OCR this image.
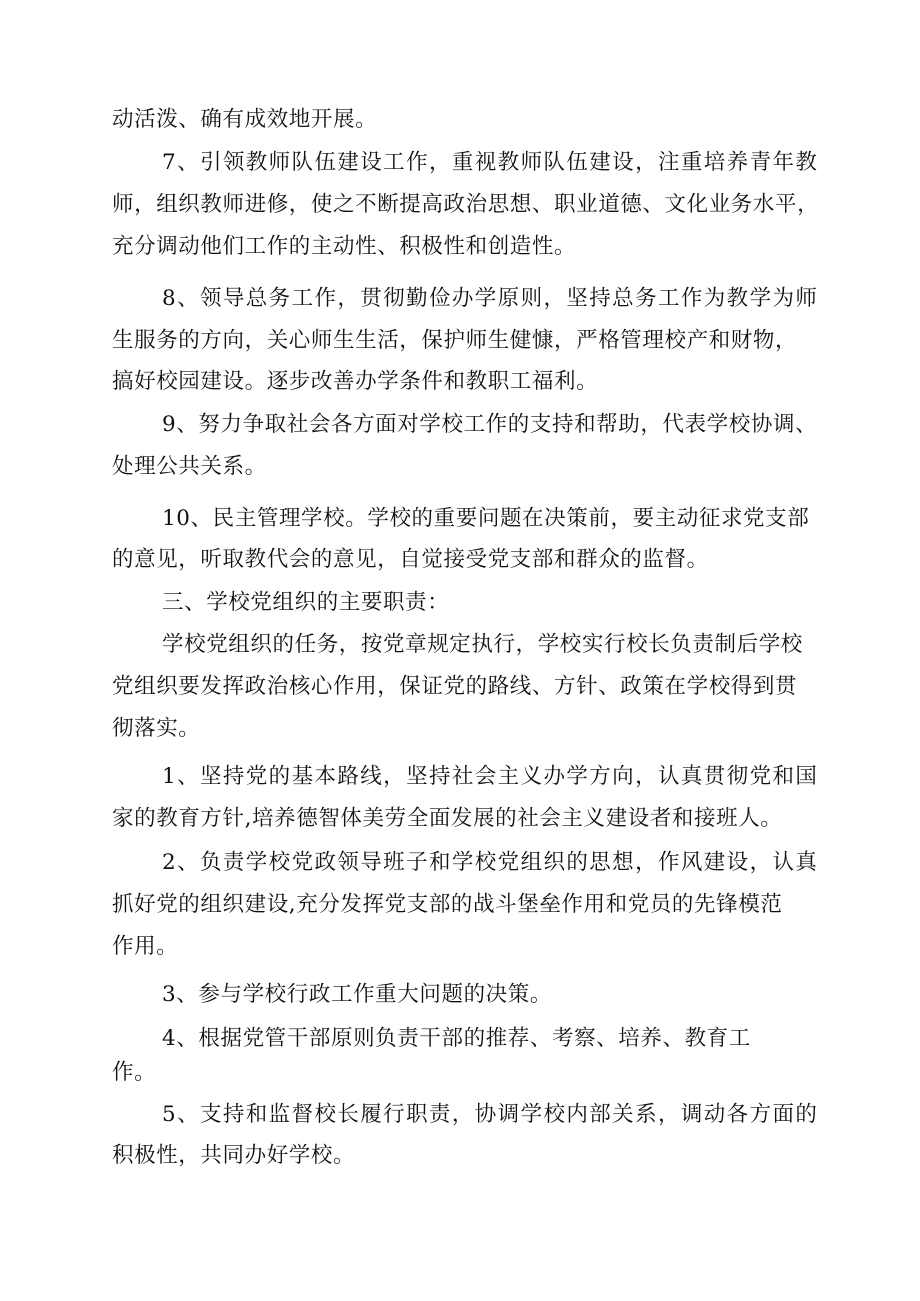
动活泼、确有成效地开展。
7、引领教师队伍建设工作，重视教师队伍建设，注重培养青年教
师，组织教师进修，使之不断提高政治思想、职业道德、文化业务水平，
充分调动他们工作的主动性、积极性和创造性。
8、领导总务工作，贯彻勤俭办学原则，坚持总务工作为教学为师
生服务的方向，关心师生生活，保护师生健慷，严格管理校产和财物，
搞好校园建设。逐步改善办学条件和教职工福利。
9、努力争取社会各方面对学校工作的支持和帮助，代表学校协调、
处理公共关系。
10、民主管理学校。学校的重要问题在决策前，要主动征求党支部
的意见，听取教代会的意见，自觉接受党支部和群众的监督。
三、学校党组织的主要职责：
学校党组织的任务，按党章规定执行，学校实行校长负责制后学校
党组织要发挥政治核心作用，保证党的路线、方针、政策在学校得到贯
彻落实。
1、坚持党的基本路线，坚持社会主义办学方向，认真贯彻党和国
家的教育方针,培养德智体美劳全面发展的社会主义建设者和接班人。
2、负责学校党政领导班子和学校党组织的思想，作风建设，认真
抓好党的组织建设,充分发挥党支部的战斗堡垒作用和党员的先锋模范
作用。
3、参与学校行政工作重大问题的决策。
4、根据党管干部原则负责干部的推荐、考察、培养、教育工
作。
5、支持和监督校长履行职责，协调学校内部关系，调动各方面的
积极性，共同办好学校。
